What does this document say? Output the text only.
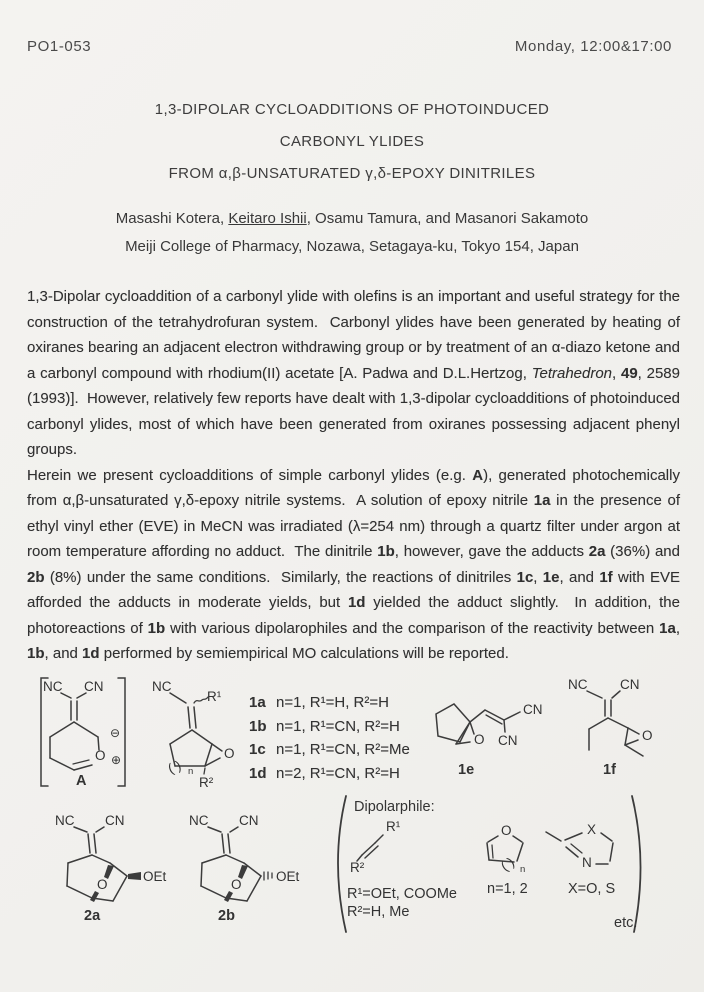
PO1-053	Monday, 12:00&17:00
1,3-DIPOLAR CYCLOADDITIONS OF PHOTOINDUCED
CARBONYL YLIDES
FROM α,β-UNSATURATED γ,δ-EPOXY DINITRILES
Masashi Kotera, Keitaro Ishii, Osamu Tamura, and Masanori Sakamoto
Meiji College of Pharmacy, Nozawa, Setagaya-ku, Tokyo 154, Japan

1,3-Dipolar cycloaddition of a carbonyl ylide with olefins is an important and useful strategy for the construction of the tetrahydrofuran system.  Carbonyl ylides have been generated by heating of oxiranes bearing an adjacent electron withdrawing group or by treatment of an α-diazo ketone and a carbonyl compound with rhodium(II) acetate [A. Padwa and D.L.Hertzog, Tetrahedron, 49, 2589 (1993)].  However, relatively few reports have dealt with 1,3-dipolar cycloadditions of photoinduced carbonyl ylides, most of which have been generated from oxiranes possessing adjacent phenyl groups.

Herein we present cycloadditions of simple carbonyl ylides (e.g. A), generated photochemically from α,β-unsaturated γ,δ-epoxy nitrile systems.  A solution of epoxy nitrile 1a in the presence of ethyl vinyl ether (EVE) in MeCN was irradiated (λ=254 nm) through a quartz filter under argon at room temperature affording no adduct.  The dinitrile 1b, however, gave the adducts 2a (36%) and 2b (8%) under the same conditions.  Similarly, the reactions of dinitriles 1c, 1e, and 1f with EVE afforded the adducts in moderate yields, but 1d yielded the adduct slightly.  In addition, the photoreactions of 1b with various dipolarophiles and the comparison of the reactivity between 1a, 1b, and 1d performed by semiempirical MO calculations will be reported.

NC CN
O
⊖
⊕
A
NC
R¹
O
( ) n
R²
1a n=1, R¹=H, R²=H
1b n=1, R¹=CN, R²=H
1c n=1, R¹=CN, R²=Me
1d n=2, R¹=CN, R²=H
O
CN
CN
1e
NC CN
O
1f
NC CN
O
OEt
2a
NC CN
O
OEt
2b
Dipolarphile:
R¹
R²
R¹=OEt, COOMe
R²=H, Me
O
( ) n
n=1, 2
X
N
X=O, S
etc.
